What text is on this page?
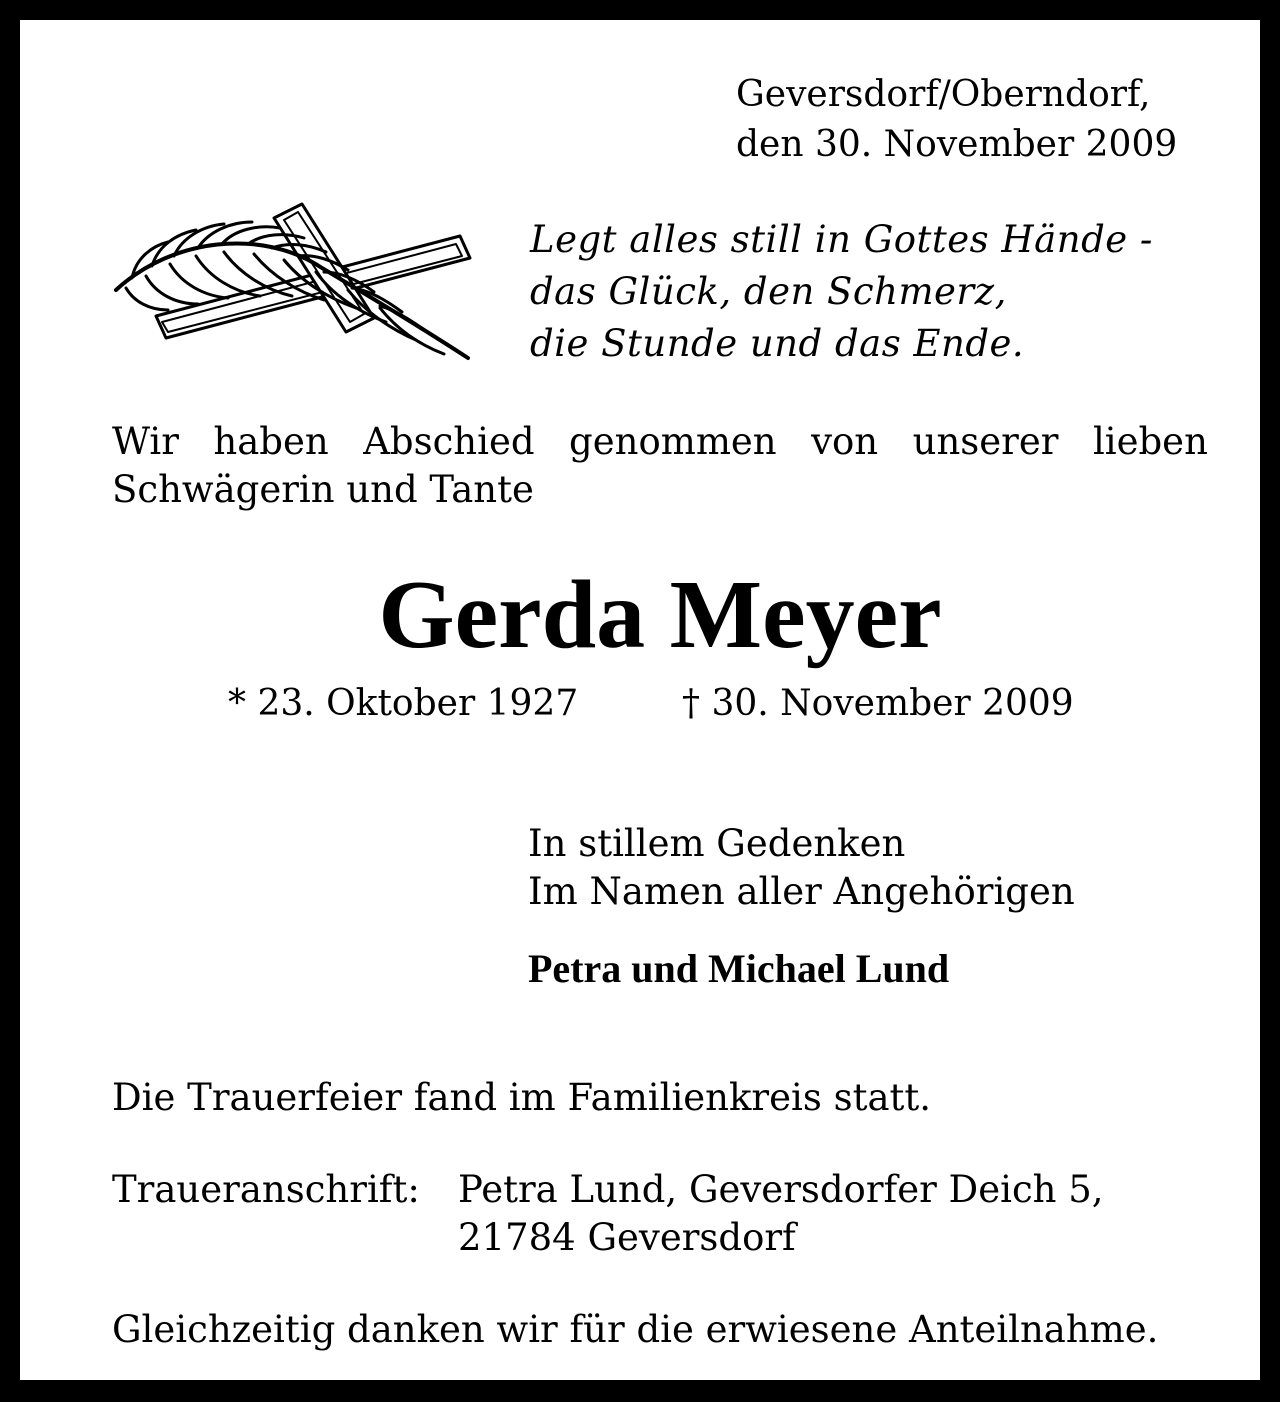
Geversdorf/Oberndorf,
den 30. November 2009
Legt alles still in Gottes Hände -
das Glück, den Schmerz,
die Stunde und das Ende.
Wir haben Abschied genommen von unserer lieben
Schwägerin und Tante
Gerda Meyer
* 23. Oktober 1927	† 30. November 2009
In stillem Gedenken
Im Namen aller Angehörigen
Petra und Michael Lund
Die Trauerfeier fand im Familienkreis statt.
Traueranschrift: Petra Lund, Geversdorfer Deich 5,
21784 Geversdorf
Gleichzeitig danken wir für die erwiesene Anteilnahme.
